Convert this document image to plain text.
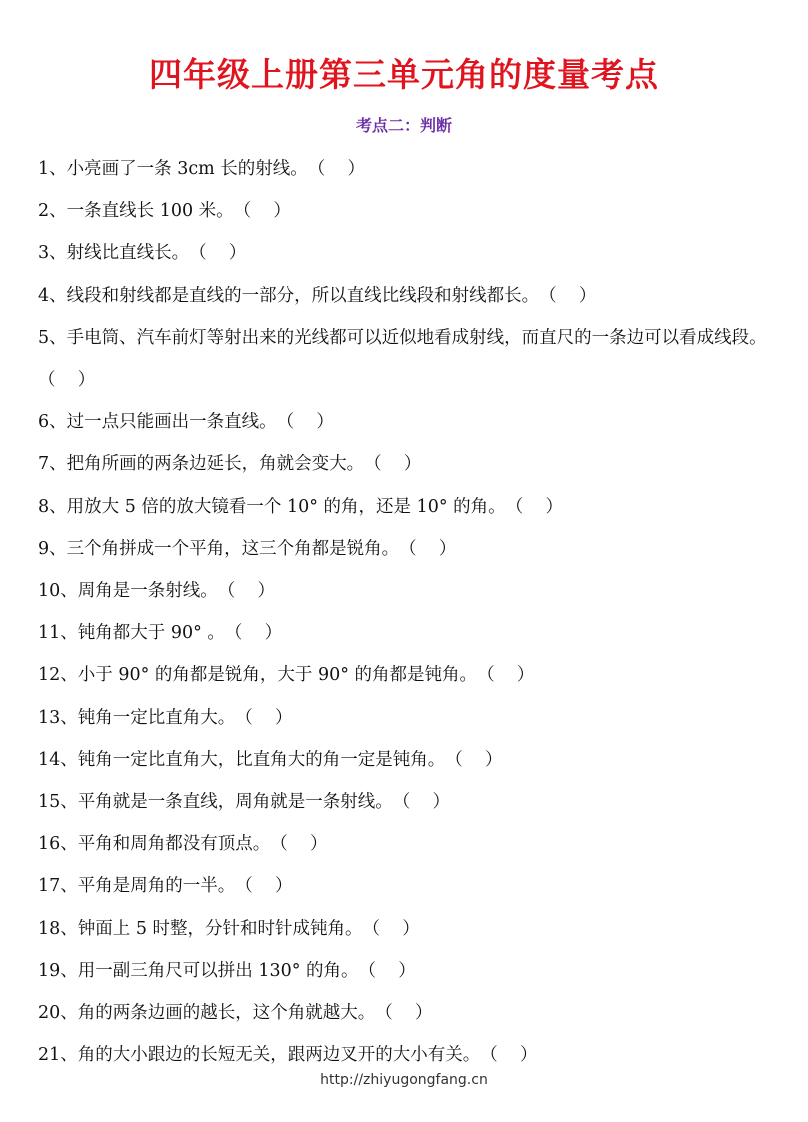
四年级上册第三单元角的度量考点
考点二：判断
1、小亮画了一条 3cm 长的射线。（    ）
2、一条直线长 100 米。（    ）
3、射线比直线长。（    ）
4、线段和射线都是直线的一部分，所以直线比线段和射线都长。（    ）
5、手电筒、汽车前灯等射出来的光线都可以近似地看成射线，而直尺的一条边可以看成线段。（    ）
6、过一点只能画出一条直线。（    ）
7、把角所画的两条边延长，角就会变大。（    ）
8、用放大 5 倍的放大镜看一个 10° 的角，还是 10° 的角。（    ）
9、三个角拼成一个平角，这三个角都是锐角。（    ）
10、周角是一条射线。（    ）
11、钝角都大于 90° 。（    ）
12、小于 90° 的角都是锐角，大于 90° 的角都是钝角。（    ）
13、钝角一定比直角大。（    ）
14、钝角一定比直角大，比直角大的角一定是钝角。（    ）
15、平角就是一条直线，周角就是一条射线。（    ）
16、平角和周角都没有顶点。（    ）
17、平角是周角的一半。（    ）
18、钟面上 5 时整，分针和时针成钝角。（    ）
19、用一副三角尺可以拼出 130° 的角。（    ）
20、角的两条边画的越长，这个角就越大。（    ）
21、角的大小跟边的长短无关，跟两边叉开的大小有关。（    ）
http://zhiyugongfang.cn
